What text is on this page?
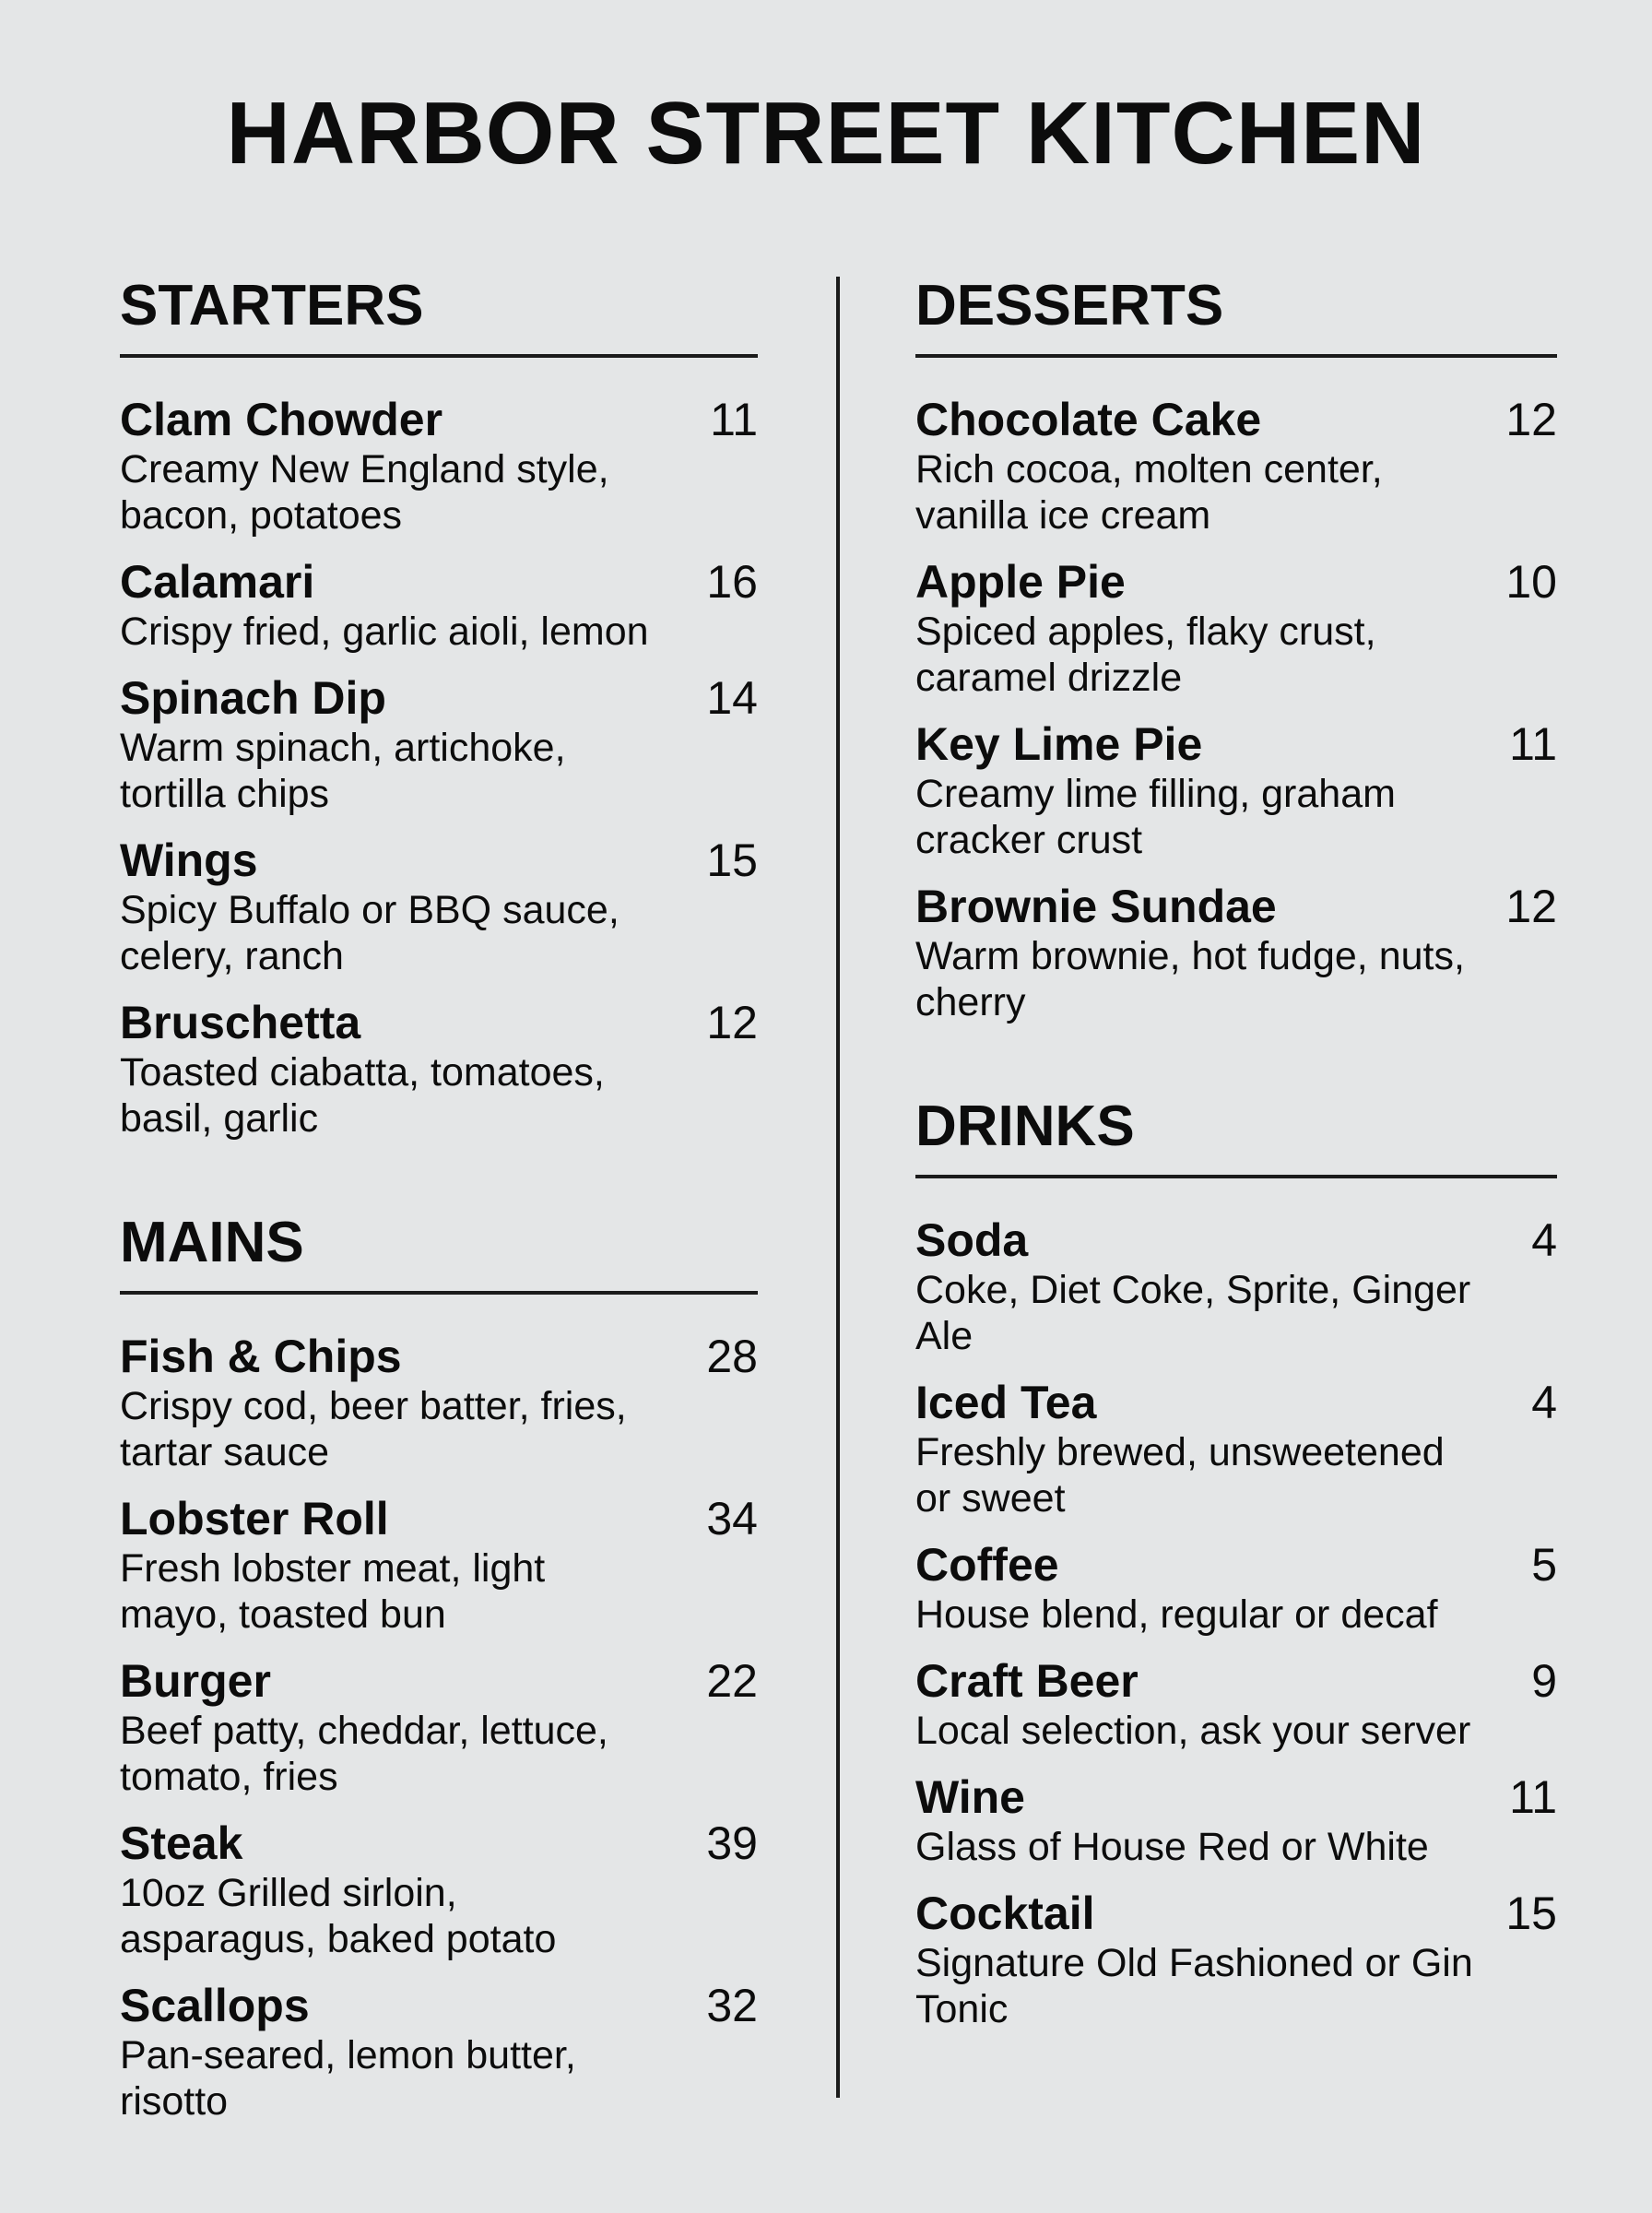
HARBOR STREET KITCHEN
STARTERS
Clam Chowder	11
Creamy New England style, bacon, potatoes
Calamari	16
Crispy fried, garlic aioli, lemon
Spinach Dip	14
Warm spinach, artichoke, tortilla chips
Wings	15
Spicy Buffalo or BBQ sauce, celery, ranch
Bruschetta	12
Toasted ciabatta, tomatoes, basil, garlic
MAINS
Fish & Chips	28
Crispy cod, beer batter, fries, tartar sauce
Lobster Roll	34
Fresh lobster meat, light mayo, toasted bun
Burger	22
Beef patty, cheddar, lettuce, tomato, fries
Steak	39
10oz Grilled sirloin, asparagus, baked potato
Scallops	32
Pan-seared, lemon butter, risotto
DESSERTS
Chocolate Cake	12
Rich cocoa, molten center, vanilla ice cream
Apple Pie	10
Spiced apples, flaky crust, caramel drizzle
Key Lime Pie	11
Creamy lime filling, graham cracker crust
Brownie Sundae	12
Warm brownie, hot fudge, nuts, cherry
DRINKS
Soda	4
Coke, Diet Coke, Sprite, Ginger Ale
Iced Tea	4
Freshly brewed, unsweetened or sweet
Coffee	5
House blend, regular or decaf
Craft Beer	9
Local selection, ask your server
Wine	11
Glass of House Red or White
Cocktail	15
Signature Old Fashioned or Gin Tonic
